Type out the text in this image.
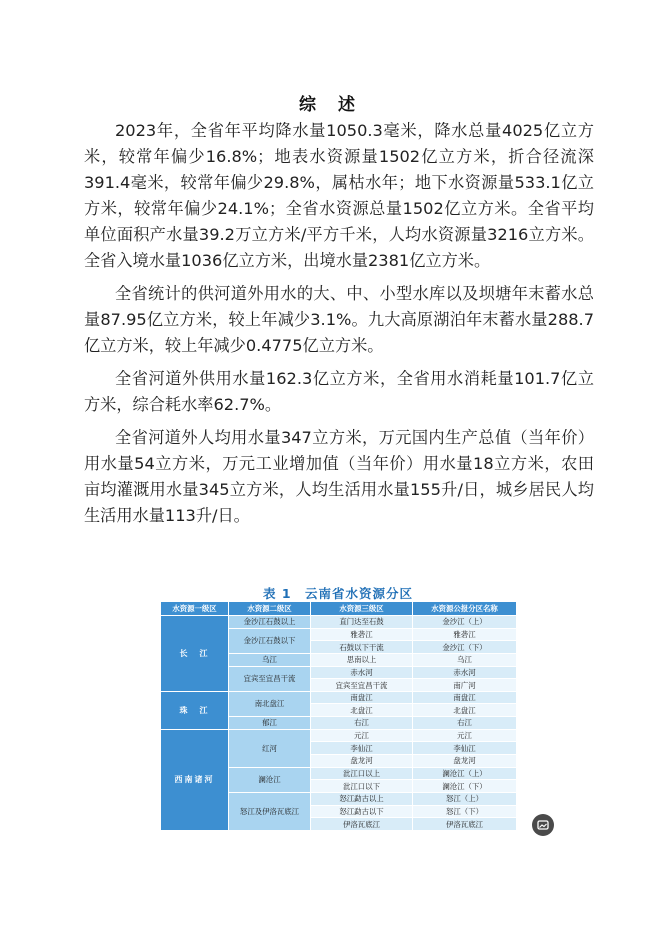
综 述

2023年，全省年平均降水量1050.3毫米，降水总量4025亿立方米，较常年偏少16.8%；地表水资源量1502亿立方米，折合径流深391.4毫米，较常年偏少29.8%，属枯水年；地下水资源量533.1亿立方米，较常年偏少24.1%；全省水资源总量1502亿立方米。全省平均单位面积产水量39.2万立方米/平方千米，人均水资源量3216立方米。全省入境水量1036亿立方米，出境水量2381亿立方米。

全省统计的供河道外用水的大、中、小型水库以及坝塘年末蓄水总量87.95亿立方米，较上年减少3.1%。九大高原湖泊年末蓄水量288.7亿立方米，较上年减少0.4775亿立方米。

全省河道外供用水量162.3亿立方米，全省用水消耗量101.7亿立方米，综合耗水率62.7%。

全省河道外人均用水量347立方米，万元国内生产总值（当年价）用水量54立方米，万元工业增加值（当年价）用水量18立方米，农田亩均灌溉用水量345立方米，人均生活用水量155升/日，城乡居民人均生活用水量113升/日。

表 1　云南省水资源分区
水资源一级区	水资源二级区	水资源三级区	水资源公报分区名称
长　江	金沙江石鼓以上	直门达至石鼓	金沙江（上）
	金沙江石鼓以下	雅砻江	雅砻江
		石鼓以下干流	金沙江（下）
	乌江	思南以上	乌江
	宜宾至宜昌干流	赤水河	赤水河
		宜宾至宜昌干流	南广河
珠　江	南北盘江	南盘江	南盘江
		北盘江	北盘江
	郁江	右江	右江
西南诸河	红河	元江	元江
		李仙江	李仙江
		盘龙河	盘龙河
	澜沧江	沘江口以上	澜沧江（上）
		沘江口以下	澜沧江（下）
	怒江及伊洛瓦底江	怒江勐古以上	怒江（上）
		怒江勐古以下	怒江（下）
		伊洛瓦底江	伊洛瓦底江
